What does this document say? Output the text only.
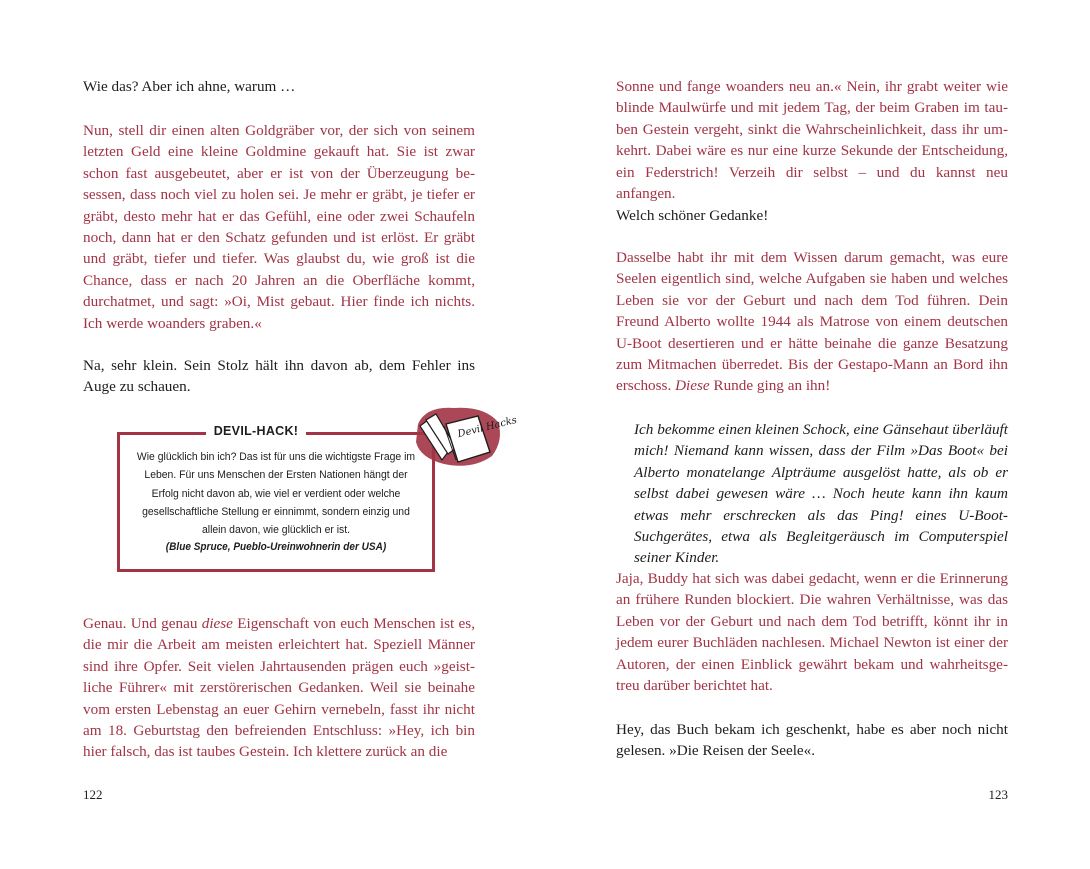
Wie das? Aber ich ahne, warum …

Nun, stell dir einen alten Goldgräber vor, der sich von seinem letzten Geld eine kleine Goldmine gekauft hat. Sie ist zwar schon fast ausgebeutet, aber er ist von der Überzeugung besessen, dass noch viel zu holen sei. Je mehr er gräbt, je tiefer er gräbt, desto mehr hat er das Gefühl, eine oder zwei Schaufeln noch, dann hat er den Schatz gefunden und ist erlöst. Er gräbt und gräbt, tiefer und tiefer. Was glaubst du, wie groß ist die Chance, dass er nach 20 Jahren an die Oberfläche kommt, durchatmet, und sagt: »Oi, Mist gebaut. Hier finde ich nichts. Ich werde woanders graben.«

Na, sehr klein. Sein Stolz hält ihn davon ab, dem Fehler ins Auge zu schauen.

Genau. Und genau diese Eigenschaft von euch Menschen ist es, die mir die Arbeit am meisten erleichtert hat. Speziell Männer sind ihre Opfer. Seit vielen Jahrtausenden prägen euch »geistliche Führer« mit zerstörerischen Gedanken. Weil sie beinahe vom ersten Lebenstag an euer Gehirn vernebeln, fasst ihr nicht am 18. Geburtstag den befreienden Entschluss: »Hey, ich bin hier falsch, das ist taubes Gestein. Ich klettere zurück an die

122
DEVIL-HACK!

Wie glücklich bin ich? Das ist für uns die wichtigste Frage im Leben. Für uns Menschen der Ersten Nationen hängt der Erfolg nicht davon ab, wie viel er verdient oder welche gesellschaftliche Stellung er einnimmt, sondern einzig und allein davon, wie glücklich er ist.

(Blue Spruce, Pueblo-Ureinwohnerin der USA)

Devil Hacks

Sonne und fange woanders neu an.« Nein, ihr grabt weiter wie blinde Maulwürfe und mit jedem Tag, der beim Graben im tauben Gestein vergeht, sinkt die Wahrscheinlichkeit, dass ihr umkehrt. Dabei wäre es nur eine kurze Sekunde der Entscheidung, ein Federstrich! Verzeih dir selbst – und du kannst neu anfangen.

Welch schöner Gedanke!

Dasselbe habt ihr mit dem Wissen darum gemacht, was eure Seelen eigentlich sind, welche Aufgaben sie haben und welches Leben sie vor der Geburt und nach dem Tod führen. Dein Freund Alberto wollte 1944 als Matrose von einem deutschen U-Boot desertieren und er hätte beinahe die ganze Besatzung zum Mitmachen überredet. Bis der Gestapo-Mann an Bord ihn erschoss. Diese Runde ging an ihn!

Ich bekomme einen kleinen Schock, eine Gänsehaut überläuft mich! Niemand kann wissen, dass der Film »Das Boot« bei Alberto monatelange Alpträume ausgelöst hatte, als ob er selbst dabei gewesen wäre … Noch heute kann ihn kaum etwas mehr erschrecken als das Ping! eines U-Boot-Suchgerätes, etwa als Begleitgeräusch im Computerspiel seiner Kinder.

Jaja, Buddy hat sich was dabei gedacht, wenn er die Erinnerung an frühere Runden blockiert. Die wahren Verhältnisse, was das Leben vor der Geburt und nach dem Tod betrifft, könnt ihr in jedem eurer Buchläden nachlesen. Michael Newton ist einer der Autoren, der einen Einblick gewährt bekam und wahrheitsgetreu darüber berichtet hat.

Hey, das Buch bekam ich geschenkt, habe es aber noch nicht gelesen. »Die Reisen der Seele«.

123
